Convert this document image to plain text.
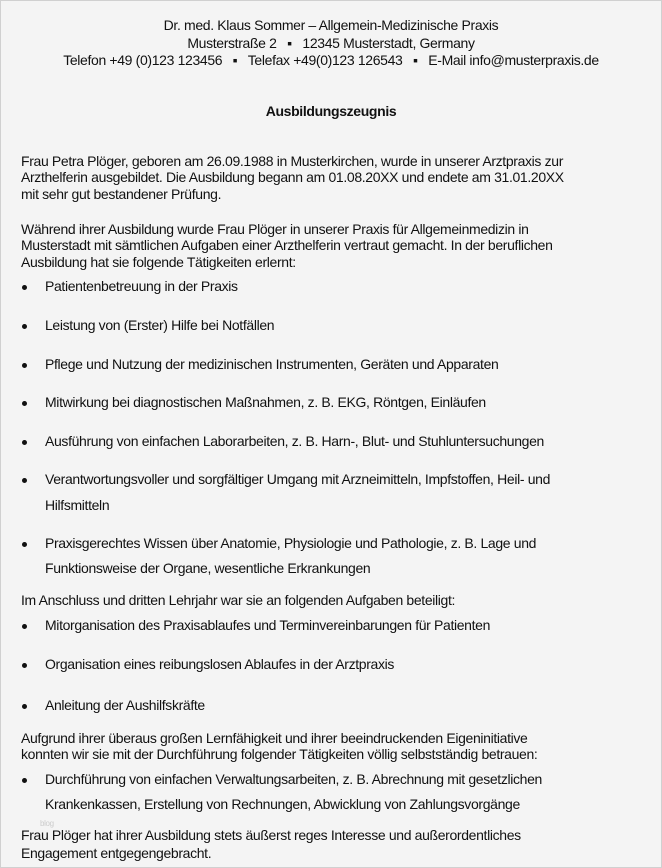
Dr. med. Klaus Sommer – Allgemein-Medizinische Praxis
Musterstraße 2   ▪   12345 Musterstadt, Germany
Telefon +49 (0)123 123456   ▪   Telefax +49(0)123 126543   ▪   E-Mail info@musterpraxis.de
Ausbildungszeugnis
Frau Petra Plöger, geboren am 26.09.1988 in Musterkirchen, wurde in unserer Arztpraxis zur
Arzthelferin ausgebildet. Die Ausbildung begann am 01.08.20XX und endete am 31.01.20XX
mit sehr gut bestandener Prüfung.
Während ihrer Ausbildung wurde Frau Plöger in unserer Praxis für Allgemeinmedizin in
Musterstadt mit sämtlichen Aufgaben einer Arzthelferin vertraut gemacht. In der beruflichen
Ausbildung hat sie folgende Tätigkeiten erlernt:
Patientenbetreuung in der Praxis
Leistung von (Erster) Hilfe bei Notfällen
Pflege und Nutzung der medizinischen Instrumenten, Geräten und Apparaten
Mitwirkung bei diagnostischen Maßnahmen, z. B. EKG, Röntgen, Einläufen
Ausführung von einfachen Laborarbeiten, z. B. Harn-, Blut- und Stuhluntersuchungen
Verantwortungsvoller und sorgfältiger Umgang mit Arzneimitteln, Impfstoffen, Heil- und
Hilfsmitteln
Praxisgerechtes Wissen über Anatomie, Physiologie und Pathologie, z. B. Lage und
Funktionsweise der Organe, wesentliche Erkrankungen
Im Anschluss und dritten Lehrjahr war sie an folgenden Aufgaben beteiligt:
Mitorganisation des Praxisablaufes und Terminvereinbarungen für Patienten
Organisation eines reibungslosen Ablaufes in der Arztpraxis
Anleitung der Aushilfskräfte
Aufgrund ihrer überaus großen Lernfähigkeit und ihrer beeindruckenden Eigeninitiative
konnten wir sie mit der Durchführung folgender Tätigkeiten völlig selbstständig betrauen:
Durchführung von einfachen Verwaltungsarbeiten, z. B. Abrechnung mit gesetzlichen
Krankenkassen, Erstellung von Rechnungen, Abwicklung von Zahlungsvorgänge
blog
Frau Plöger hat ihrer Ausbildung stets äußerst reges Interesse und außerordentliches
Engagement entgegengebracht.
